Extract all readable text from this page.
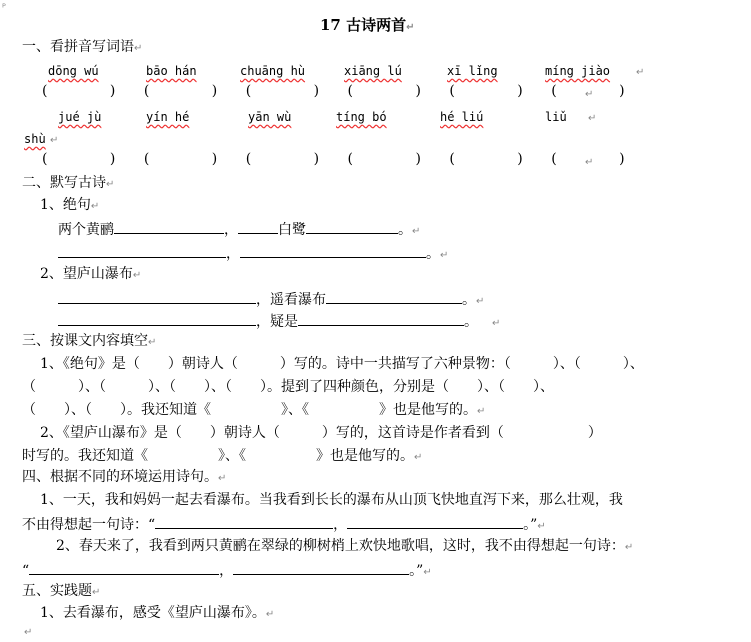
ᴾ
17 古诗两首↵
一、看拼音写词语↵
dōng wú	bāo hán	chuāng hù	xiāng lú	xī lǐng	míng jiào	↵
(	) (	) (	) (	) (	) (	)
↵
jué jù	yín hé	yān wù	tíng bó	hé liú	liǔ ↵
shù ↵
(	) (	) (	) (	) (	) (	)
↵
二、默写古诗↵
1、绝句↵
两个黄鹂	，	白鹭	。↵
，	。↵
2、望庐山瀑布↵
，遥看瀑布	。↵
，疑是	。 ↵
三、按课文内容填空↵
1、《绝句》是（　　）朝诗人（　　　）写的。诗中一共描写了六种景物：（　　　）、（　　　）、
（　　　）、（　　　）、（　　）、（　　）。提到了四种颜色，分别是（　　）、（　　）、
（　　）、（　　）。我还知道《　　　　　》、《　　　　　》也是他写的。↵
2、《望庐山瀑布》是（　　）朝诗人（　　　）写的，这首诗是作者看到（　　　　　　）
时写的。我还知道《　　　　　》、《　　　　　》也是他写的。↵
四、根据不同的环境运用诗句。↵
1、一天，我和妈妈一起去看瀑布。当我看到长长的瀑布从山顶飞快地直泻下来，那么壮观，我
不由得想起一句诗：“	，	。”↵
2、春天来了，我看到两只黄鹂在翠绿的柳树梢上欢快地歌唱，这时，我不由得想起一句诗：↵
“	，	。”↵
五、实践题↵
1、去看瀑布，感受《望庐山瀑布》。↵
↵
